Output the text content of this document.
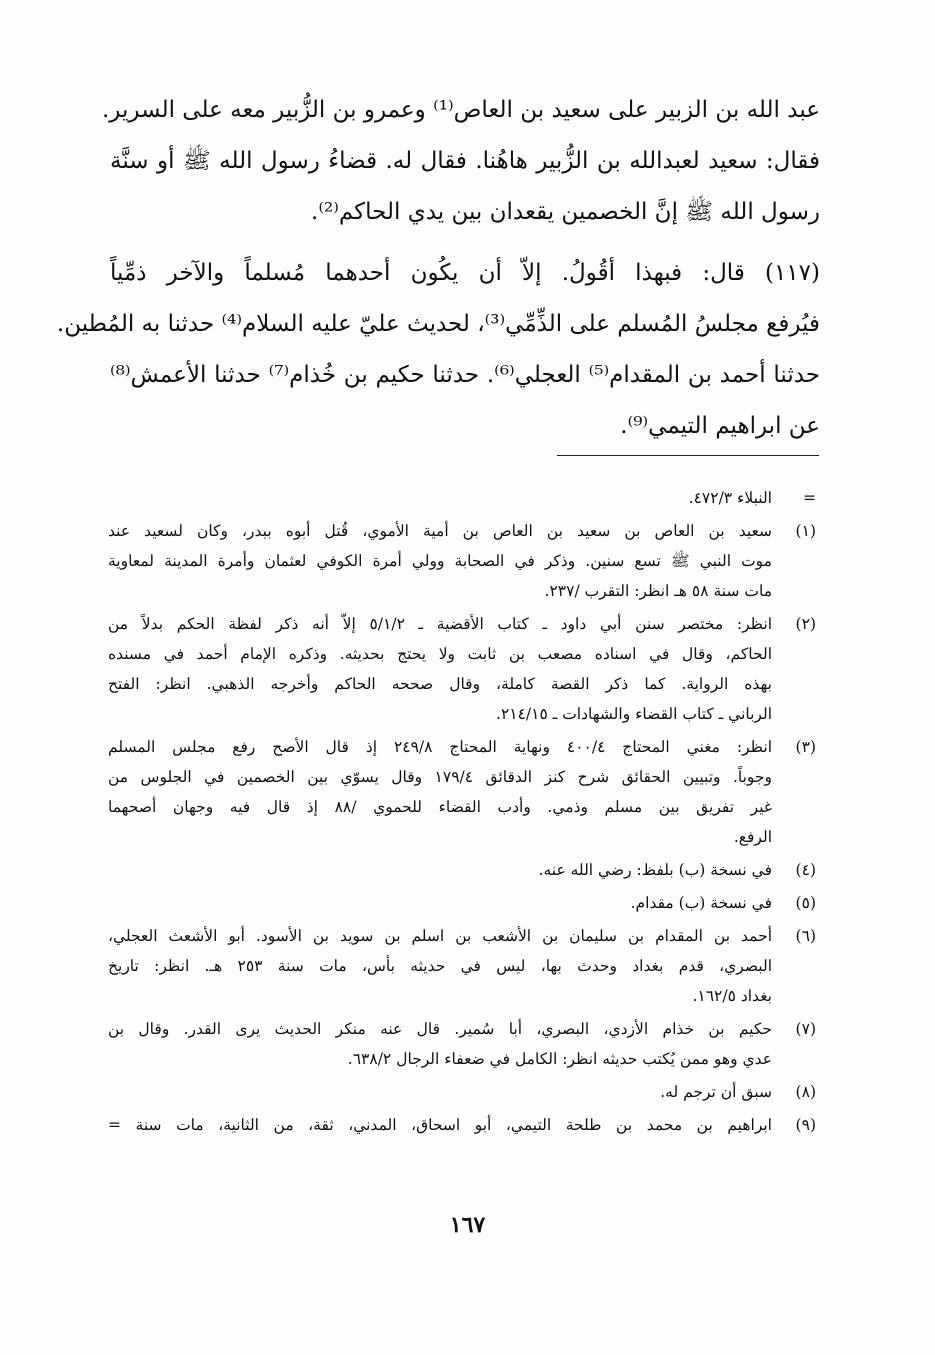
عبد الله بن الزبير على سعيد بن العاص⁽¹⁾ وعمرو بن الزُّبير معه على السرير.
فقال: سعيد لعبدالله بن الزُّبير هاهُنا. فقال له. قضاءُ رسول الله ﷺ أو سنَّة
رسول الله ﷺ إنَّ الخصمين يقعدان بين يدي الحاكم⁽²⁾.
(١١٧) قال: فبهذا أقُولُ. إلاّ أن يكُون أحدهما مُسلماً والآخر ذمِّياً
فيُرفع مجلسُ المُسلم على الذِّمِّي⁽³⁾، لحديث عليّ عليه السلام⁽⁴⁾ حدثنا به المُطين.
حدثنا أحمد بن المقدام⁽⁵⁾ العجلي⁽⁶⁾. حدثنا حكيم بن خُذام⁽⁷⁾ حدثنا الأعمش⁽⁸⁾
عن ابراهيم التيمي⁽⁹⁾.
=
النبلاء ٤٧٢/٣.
(١)
سعيد بن العاص بن سعيد بن العاص بن أمية الأموي، قُتل أبوه ببدر، وكان لسعيد عند
موت النبي ﷺ تسع سنين. وذكر في الصحابة وولي أمرة الكوفي لعثمان وأمرة المدينة لمعاوية
مات سنة ٥٨ هـ انظر: التقرب /٢٣٧.
(٢)
انظر: مختصر سنن أبي داود ـ كتاب الأقضية ـ ٥/١/٢ إلاّ أنه ذكر لفظة الحكم بدلاً من
الحاكم، وقال في اسناده مصعب بن ثابت ولا يحتج بحديثه. وذكره الإمام أحمد في مسنده
بهذه الرواية. كما ذكر القصة كاملة، وقال صححه الحاكم وأخرجه الذهبي. انظر: الفتح
الرباني ـ كتاب القضاء والشهادات ـ ٢١٤/١٥.
(٣)
انظر: مغني المحتاج ٤٠٠/٤ ونهاية المحتاج ٢٤٩/٨ إذ قال الأصح رفع مجلس المسلم
وجوباً. وتبيين الحقائق شرح كنز الدقائق ١٧٩/٤ وقال يسوّي بين الخصمين في الجلوس من
غير تفريق بين مسلم وذمي. وأدب القضاء للحموي /٨٨ إذ قال فيه وجهان أصحهما
الرفع.
(٤)
في نسخة (ب) بلفظ: رضي الله عنه.
(٥)
في نسخة (ب) مقدام.
(٦)
أحمد بن المقدام بن سليمان بن الأشعب بن اسلم بن سويد بن الأسود. أبو الأشعث العجلي،
البصري، قدم بغداد وحدث بها، ليس في حديثه بأس، مات سنة ٢٥٣ هـ. انظر: تاريخ
بغداد ١٦٢/٥.
(٧)
حكيم بن خذام الأزدي، البصري، أبا سُمير. قال عنه منكر الحديث يرى القدر. وقال بن
عدي وهو ممن يُكتب حديثه انظر: الكامل في ضعفاء الرجال ٦٣٨/٢.
(٨)
سبق أن ترجم له.
(٩)
ابراهيم بن محمد بن طلحة التيمي، أبو اسحاق، المدني، ثقة، من الثانية، مات سنة =
١٦٧
